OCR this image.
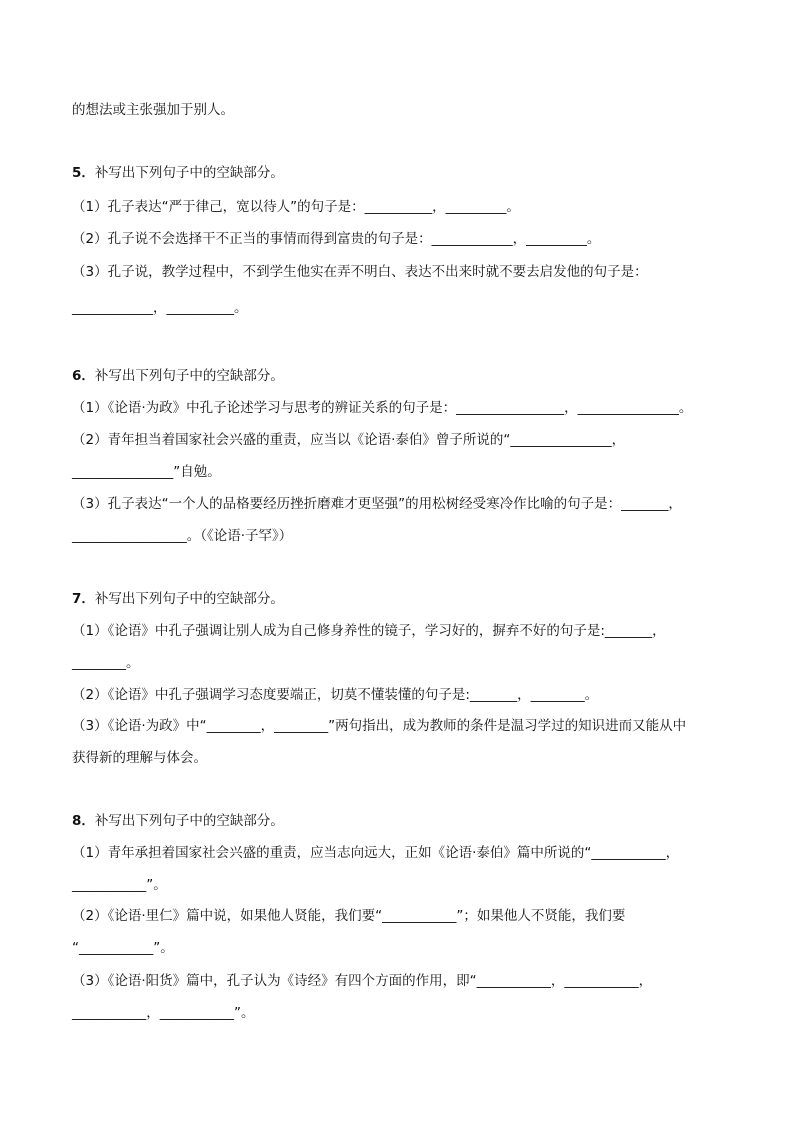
的想法或主张强加于别人。
5．补写出下列句子中的空缺部分。
（1）孔子表达“严于律己，宽以待人”的句子是：__________，_________。
（2）孔子说不会选择干不正当的事情而得到富贵的句子是：____________，_________。
（3）孔子说，教学过程中，不到学生他实在弄不明白、表达不出来时就不要去启发他的句子是：
____________，__________。
6．补写出下列句子中的空缺部分。
（1）《论语·为政》中孔子论述学习与思考的辨证关系的句子是：________________，_______________。
（2）青年担当着国家社会兴盛的重责，应当以《论语·泰伯》曾子所说的“_______________，
_______________”自勉。
（3）孔子表达“一个人的品格要经历挫折磨难才更坚强”的用松树经受寒冷作比喻的句子是：_______，
_________________。（《论语·子罕》）
7．补写出下列句子中的空缺部分。
（1）《论语》中孔子强调让别人成为自己修身养性的镜子，学习好的，摒弃不好的句子是:_______，
________。
（2）《论语》中孔子强调学习态度要端正，切莫不懂装懂的句子是:_______，________。
（3）《论语·为政》中“________，________”两句指出，成为教师的条件是温习学过的知识进而又能从中
获得新的理解与体会。
8．补写出下列句子中的空缺部分。
（1）青年承担着国家社会兴盛的重责，应当志向远大，正如《论语·泰伯》篇中所说的“___________，
___________”。
（2）《论语·里仁》篇中说，如果他人贤能，我们要“___________”；如果他人不贤能，我们要
“___________”。
（3）《论语·阳货》篇中，孔子认为《诗经》有四个方面的作用，即“___________，___________，
___________，___________”。
